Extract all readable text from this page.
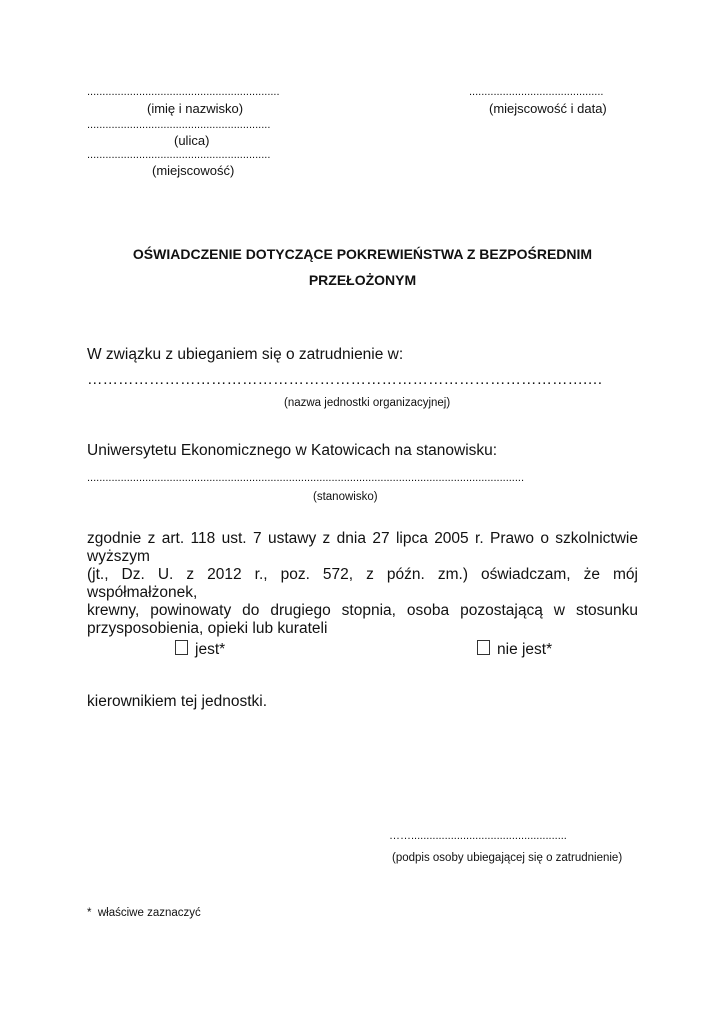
...............................................................
(imię i nazwisko)
............................................................
(ulica)
............................................................
(miejscowość)
............................................
(miejscowość i data)
OŚWIADCZENIE DOTYCZĄCE POKREWIEŃSTWA Z BEZPOŚREDNIM
PRZEŁOŻONYM
W związku z ubieganiem się o zatrudnienie w:
…………………………………………………………………………………….…
(nazwa jednostki organizacyjnej)
Uniwersytetu Ekonomicznego w Katowicach na stanowisku:
...............................................................................................................................................
(stanowisko)
zgodnie z art. 118 ust. 7 ustawy z dnia 27 lipca 2005 r. Prawo o szkolnictwie wyższym
(jt., Dz. U. z 2012 r., poz. 572, z późn. zm.) oświadczam, że mój współmałżonek,
krewny, powinowaty do drugiego stopnia, osoba pozostającą w stosunku
przysposobienia, opieki lub kurateli
jest*	nie jest*
kierownikiem tej jednostki.
……...................................................
(podpis osoby ubiegającej się o zatrudnienie)
*  właściwe zaznaczyć
